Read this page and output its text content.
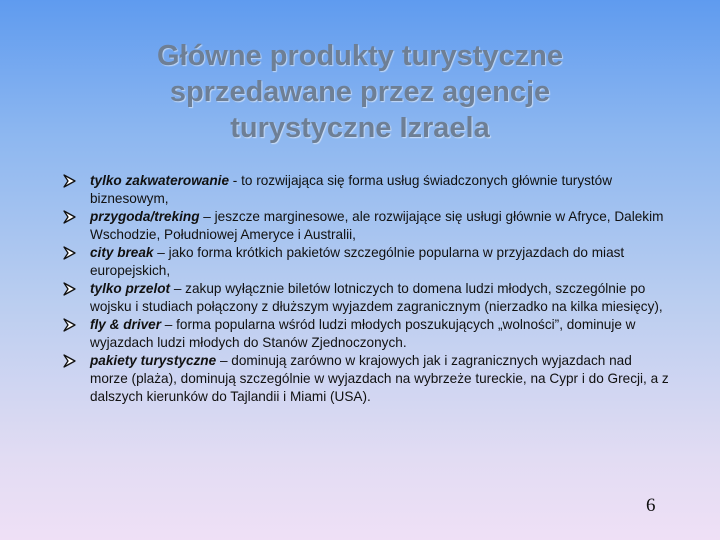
Główne produkty turystyczne
sprzedawane przez agencje
turystyczne Izraela
tylko zakwaterowanie - to rozwijająca się forma usług świadczonych głównie turystów biznesowym,
przygoda/treking – jeszcze marginesowe, ale rozwijające się usługi głównie w Afryce, Dalekim Wschodzie, Południowej Ameryce i Australii,
city break – jako forma krótkich pakietów szczególnie popularna w przyjazdach do miast europejskich,
tylko przelot – zakup wyłącznie biletów lotniczych to domena ludzi młodych, szczególnie po wojsku i studiach połączony z dłuższym wyjazdem zagranicznym (nierzadko na kilka miesięcy),
fly & driver – forma popularna wśród ludzi młodych poszukujących „wolności”, dominuje w wyjazdach ludzi młodych do Stanów Zjednoczonych.
pakiety turystyczne – dominują zarówno w krajowych jak i zagranicznych wyjazdach nad morze (plaża), dominują szczególnie w wyjazdach na wybrzeże tureckie, na Cypr i do Grecji, a z dalszych kierunków do Tajlandii i Miami (USA).
6
